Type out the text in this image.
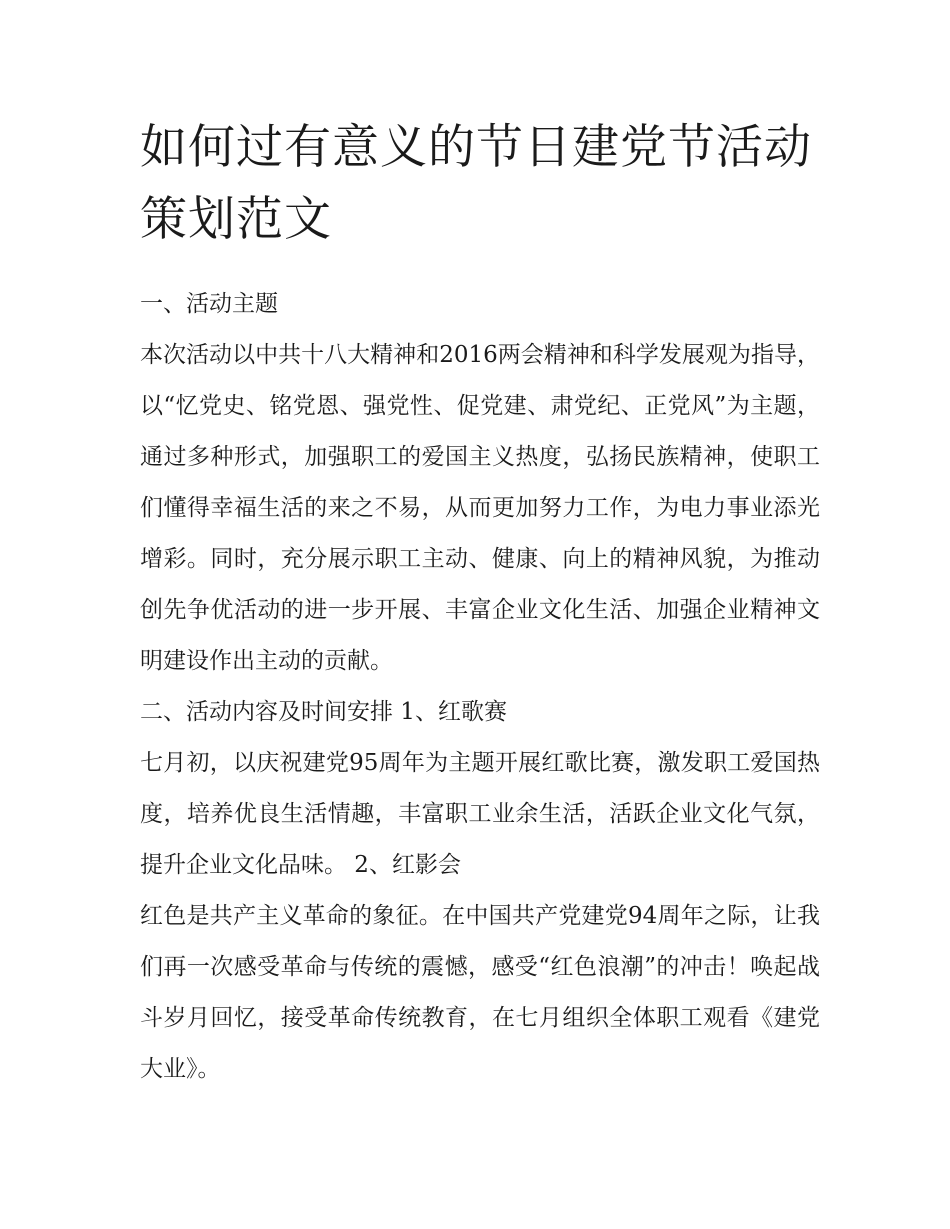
如何过有意义的节日建党节活动策划范文
一、活动主题

本次活动以中共十八大精神和2016两会精神和科学发展观为指导，以“忆党史、铭党恩、强党性、促党建、肃党纪、正党风”为主题，通过多种形式，加强职工的爱国主义热度，弘扬民族精神，使职工们懂得幸福生活的来之不易，从而更加努力工作，为电力事业添光增彩。同时，充分展示职工主动、健康、向上的精神风貌，为推动创先争优活动的进一步开展、丰富企业文化生活、加强企业精神文明建设作出主动的贡献。

二、活动内容及时间安排 1、红歌赛

七月初，以庆祝建党95周年为主题开展红歌比赛，激发职工爱国热度，培养优良生活情趣，丰富职工业余生活，活跃企业文化气氛，提升企业文化品味。 2、红影会

红色是共产主义革命的象征。在中国共产党建党94周年之际，让我们再一次感受革命与传统的震憾，感受“红色浪潮”的冲击！唤起战斗岁月回忆，接受革命传统教育，在七月组织全体职工观看《建党大业》。
